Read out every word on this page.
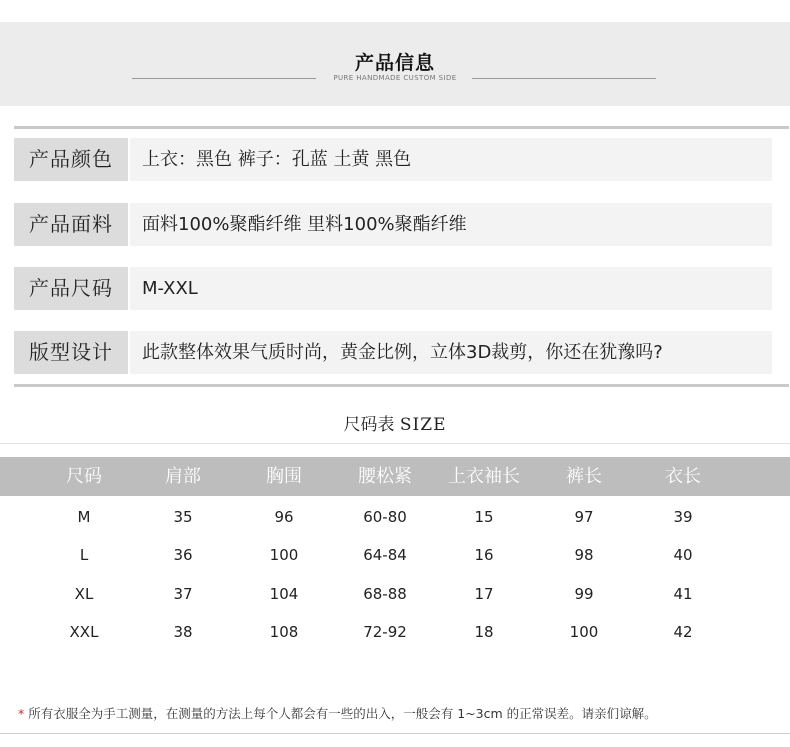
产品信息
PURE HANDMADE CUSTOM SIDE
产品颜色	上衣：黑色 裤子：孔蓝 土黄 黑色
产品面料	面料100%聚酯纤维 里料100%聚酯纤维
产品尺码	M-XXL
版型设计	此款整体效果气质时尚，黄金比例，立体3D裁剪，你还在犹豫吗?
尺码表 SIZE
尺码	肩部	胸围	腰松紧	上衣袖长	裤长	衣长
M	35	96	60-80	15	97	39
L	36	100	64-84	16	98	40
XL	37	104	68-88	17	99	41
XXL	38	108	72-92	18	100	42
* 所有衣服全为手工测量，在测量的方法上每个人都会有一些的出入，一般会有 1~3cm 的正常误差。请亲们谅解。
